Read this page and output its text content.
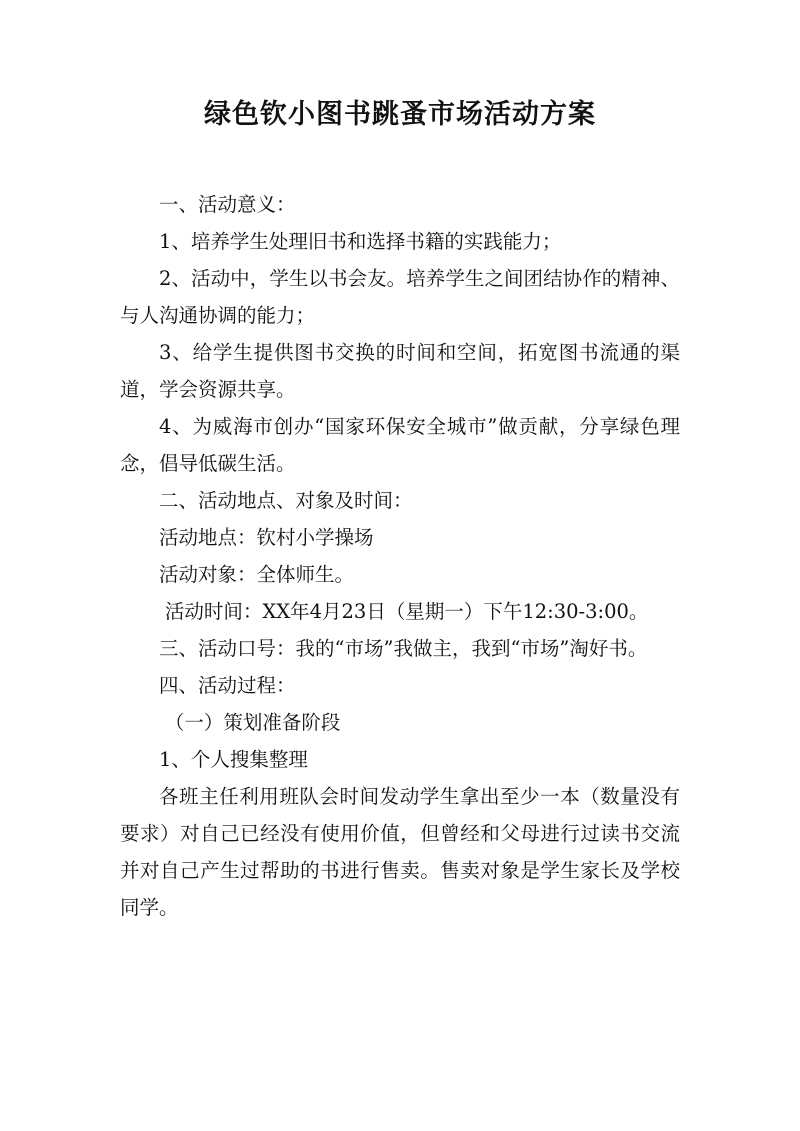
绿色钦小图书跳蚤市场活动方案

一、活动意义：

1、培养学生处理旧书和选择书籍的实践能力；

2、活动中，学生以书会友。培养学生之间团结协作的精神、与人沟通协调的能力；

3、给学生提供图书交换的时间和空间，拓宽图书流通的渠道，学会资源共享。

4、为威海市创办“国家环保安全城市”做贡献，分享绿色理念，倡导低碳生活。

二、活动地点、对象及时间：

活动地点：钦村小学操场

活动对象：全体师生。

活动时间：XX年4月23日（星期一）下午12:30-3:00。

三、活动口号：我的“市场”我做主，我到“市场”淘好书。

四、活动过程：

（一）策划准备阶段

1、个人搜集整理

各班主任利用班队会时间发动学生拿出至少一本（数量没有要求）对自己已经没有使用价值，但曾经和父母进行过读书交流并对自己产生过帮助的书进行售卖。售卖对象是学生家长及学校同学。
